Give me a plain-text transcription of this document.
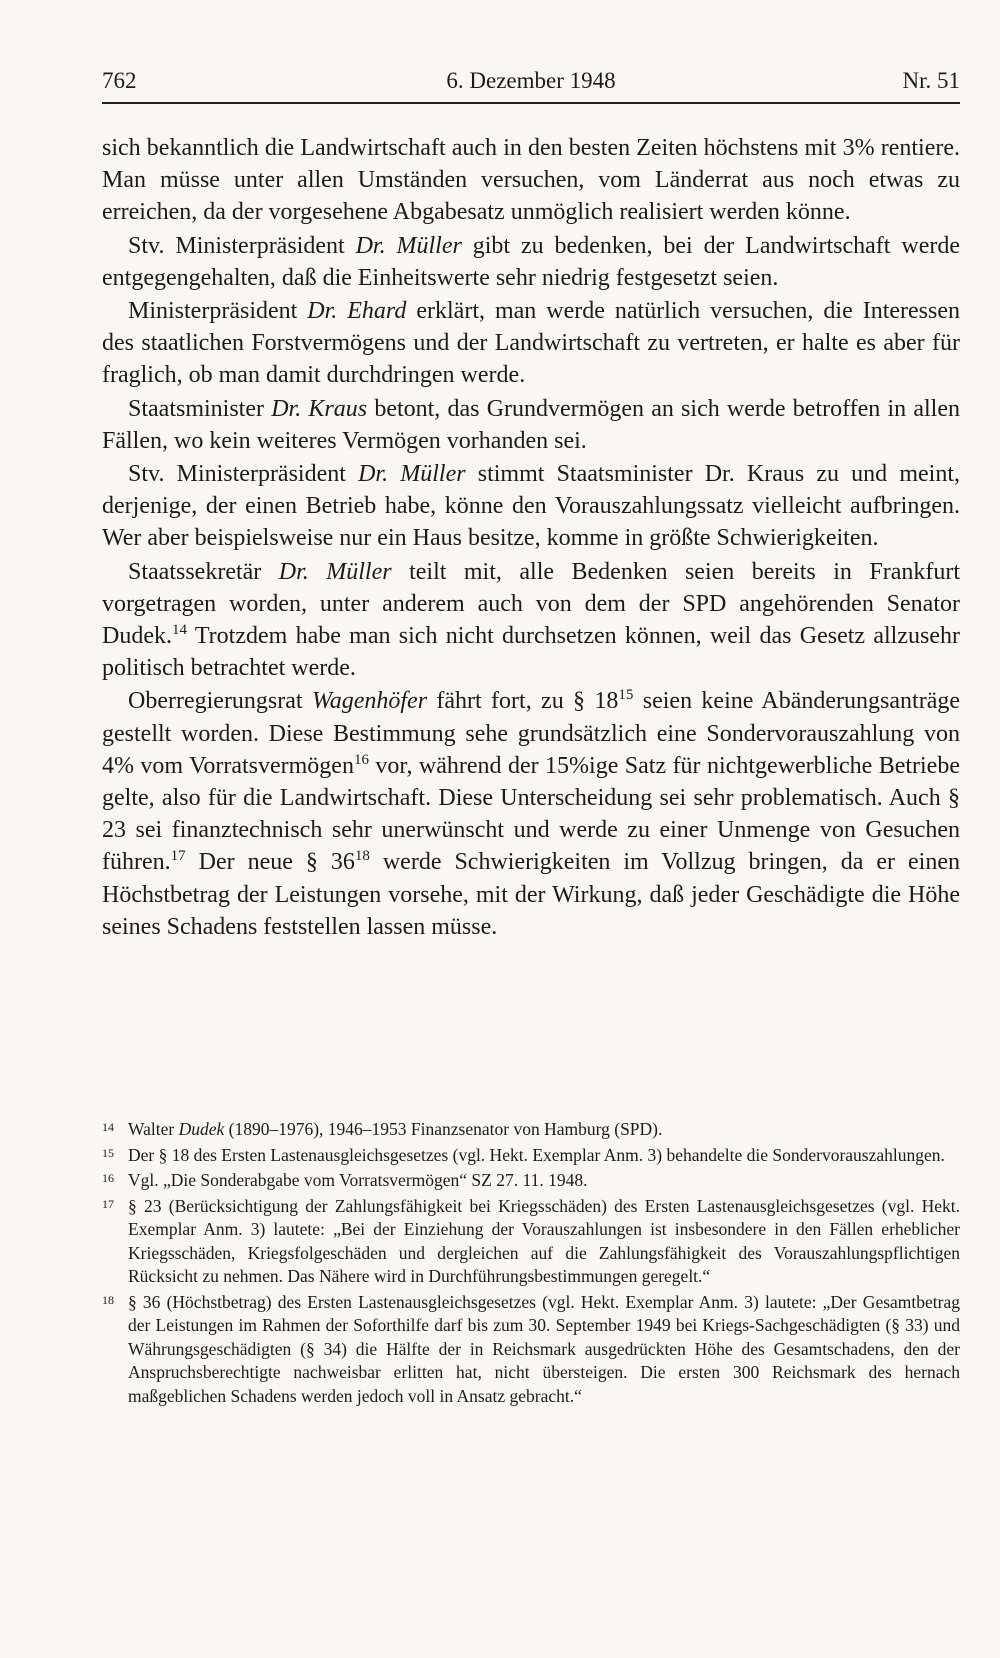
762	6. Dezember 1948	Nr. 51

sich bekanntlich die Landwirtschaft auch in den besten Zeiten höchstens mit 3% rentiere. Man müsse unter allen Umständen versuchen, vom Länderrat aus noch etwas zu erreichen, da der vorgesehene Abgabesatz unmöglich realisiert werden könne.

Stv. Ministerpräsident Dr. Müller gibt zu bedenken, bei der Landwirtschaft werde entgegengehalten, daß die Einheitswerte sehr niedrig festgesetzt seien.

Ministerpräsident Dr. Ehard erklärt, man werde natürlich versuchen, die Interessen des staatlichen Forstvermögens und der Landwirtschaft zu vertreten, er halte es aber für fraglich, ob man damit durchdringen werde.

Staatsminister Dr. Kraus betont, das Grundvermögen an sich werde betroffen in allen Fällen, wo kein weiteres Vermögen vorhanden sei.

Stv. Ministerpräsident Dr. Müller stimmt Staatsminister Dr. Kraus zu und meint, derjenige, der einen Betrieb habe, könne den Vorauszahlungssatz vielleicht aufbringen. Wer aber beispielsweise nur ein Haus besitze, komme in größte Schwierigkeiten.

Staatssekretär Dr. Müller teilt mit, alle Bedenken seien bereits in Frankfurt vorgetragen worden, unter anderem auch von dem der SPD angehörenden Senator Dudek.$^{14}$ Trotzdem habe man sich nicht durchsetzen können, weil das Gesetz allzusehr politisch betrachtet werde.

Oberregierungsrat Wagenhöfer fährt fort, zu § $18^{15}$ seien keine Abänderungsanträge gestellt worden. Diese Bestimmung sehe grundsätzlich eine Sondervorauszahlung von 4% vom Vorratsvermögen$^{16}$ vor, während der 15%ige Satz für nichtgewerbliche Betriebe gelte, also für die Landwirtschaft. Diese Unterscheidung sei sehr problematisch. Auch § 23 sei finanztechnisch sehr unerwünscht und werde zu einer Unmenge von Gesuchen führen.$^{17}$ Der neue § $36^{18}$ werde Schwierigkeiten im Vollzug bringen, da er einen Höchstbetrag der Leistungen vorsehe, mit der Wirkung, daß jeder Geschädigte die Höhe seines Schadens feststellen lassen müsse.

14 Walter Dudek (1890–1976), 1946–1953 Finanzsenator von Hamburg (SPD).
15 Der § 18 des Ersten Lastenausgleichsgesetzes (vgl. Hekt. Exemplar Anm. 3) behandelte die Sondervorauszahlungen.
16 Vgl. „Die Sonderabgabe vom Vorratsvermögen“ SZ 27. 11. 1948.
17 § 23 (Berücksichtigung der Zahlungsfähigkeit bei Kriegsschäden) des Ersten Lastenausgleichsgesetzes (vgl. Hekt. Exemplar Anm. 3) lautete: „Bei der Einziehung der Vorauszahlungen ist insbesondere in den Fällen erheblicher Kriegsschäden, Kriegsfolgeschäden und dergleichen auf die Zahlungsfähigkeit des Vorauszahlungspflichtigen Rücksicht zu nehmen. Das Nähere wird in Durchführungsbestimmungen geregelt.“
18 § 36 (Höchstbetrag) des Ersten Lastenausgleichsgesetzes (vgl. Hekt. Exemplar Anm. 3) lautete: „Der Gesamtbetrag der Leistungen im Rahmen der Soforthilfe darf bis zum 30. September 1949 bei Kriegs-Sachgeschädigten (§ 33) und Währungsgeschädigten (§ 34) die Hälfte der in Reichsmark ausgedrückten Höhe des Gesamtschadens, den der Anspruchsberechtigte nachweisbar erlitten hat, nicht übersteigen. Die ersten 300 Reichsmark des hernach maßgeblichen Schadens werden jedoch voll in Ansatz gebracht.“
